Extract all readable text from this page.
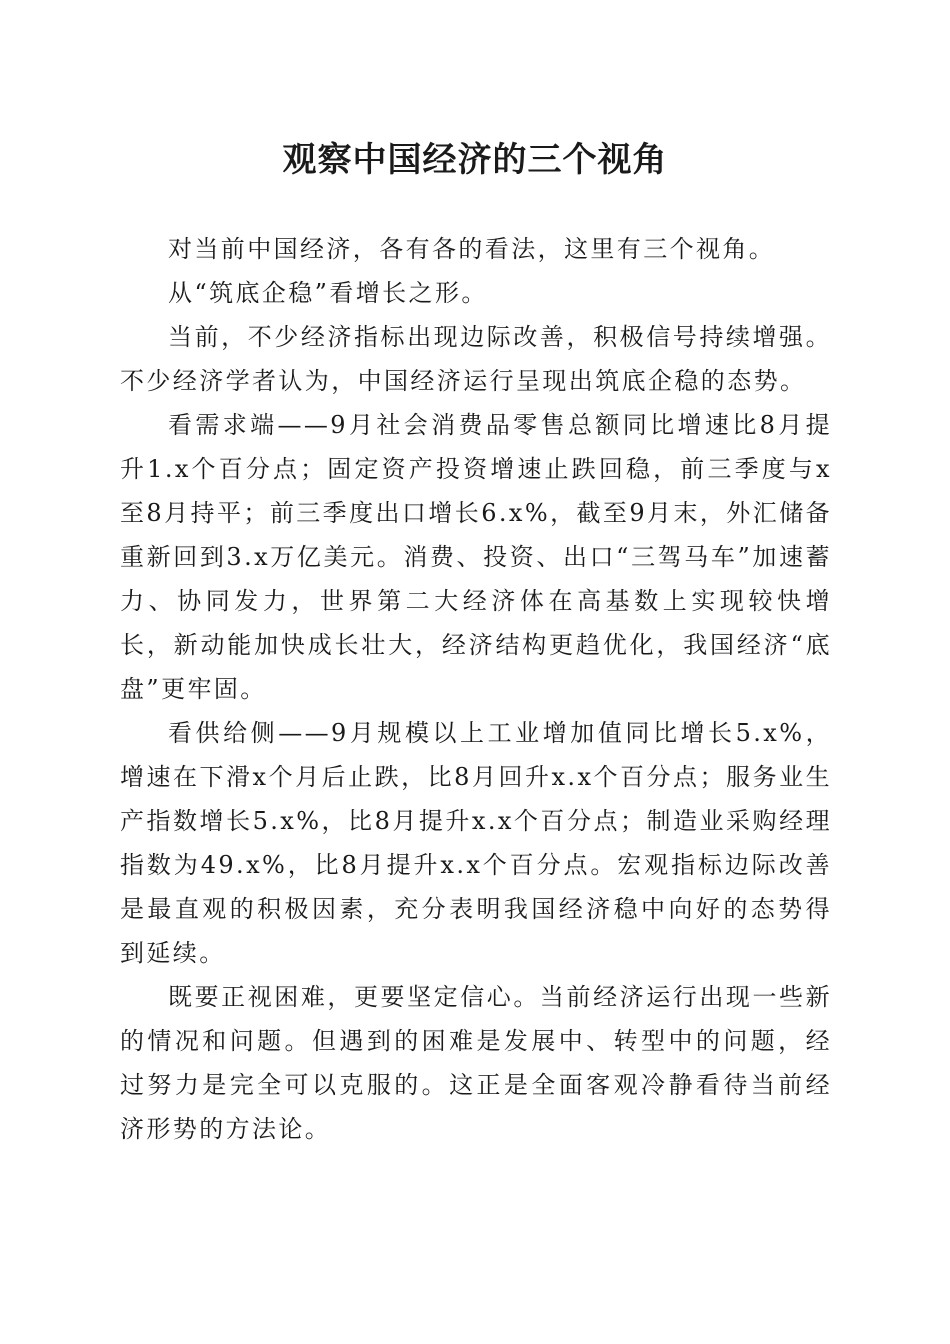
观察中国经济的三个视角

对当前中国经济，各有各的看法，这里有三个视角。

从“筑底企稳”看增长之形。

当前，不少经济指标出现边际改善，积极信号持续增强。不少经济学者认为，中国经济运行呈现出筑底企稳的态势。

看需求端——9月社会消费品零售总额同比增速比8月提升1.x个百分点；固定资产投资增速止跌回稳，前三季度与x至8月持平；前三季度出口增长6.x%，截至9月末，外汇储备重新回到3.x万亿美元。消费、投资、出口“三驾马车”加速蓄力、协同发力，世界第二大经济体在高基数上实现较快增长，新动能加快成长壮大，经济结构更趋优化，我国经济“底盘”更牢固。

看供给侧——9月规模以上工业增加值同比增长5.x%，增速在下滑x个月后止跌，比8月回升x.x个百分点；服务业生产指数增长5.x%，比8月提升x.x个百分点；制造业采购经理指数为49.x%，比8月提升x.x个百分点。宏观指标边际改善是最直观的积极因素，充分表明我国经济稳中向好的态势得到延续。

既要正视困难，更要坚定信心。当前经济运行出现一些新的情况和问题。但遇到的困难是发展中、转型中的问题，经过努力是完全可以克服的。这正是全面客观冷静看待当前经济形势的方法论。
